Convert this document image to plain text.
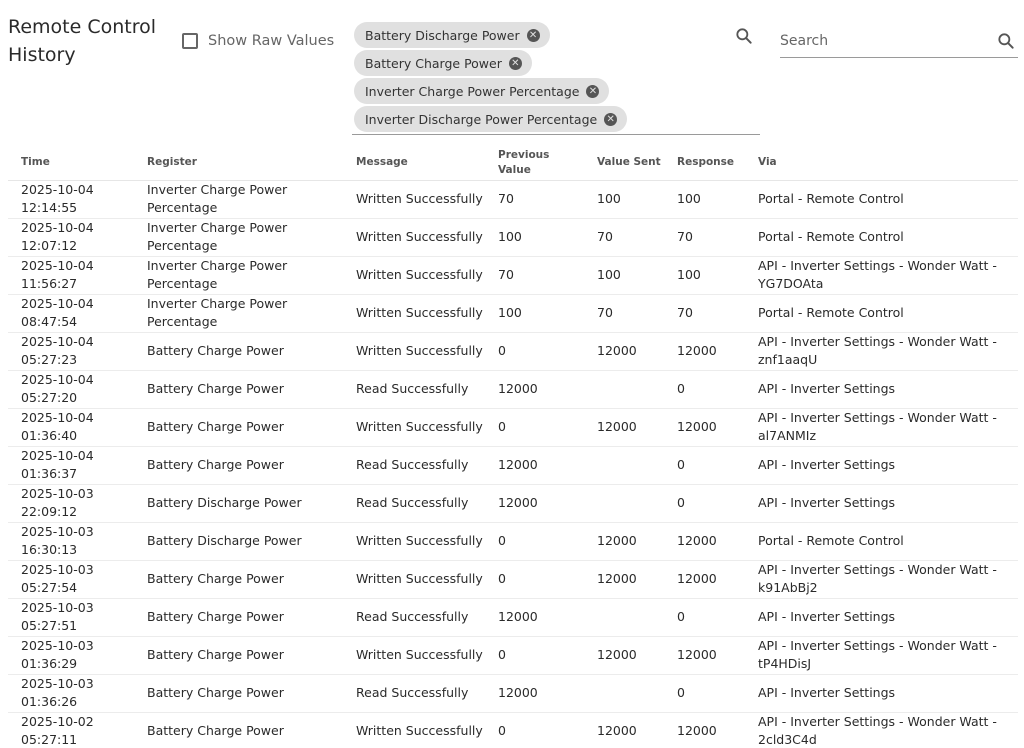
Remote Control History
Show Raw Values Battery Discharge Power ✕
Battery Charge Power ✕
Inverter Charge Power Percentage ✕
Inverter Discharge Power Percentage ✕
Search
Time	Register	Message	Previous Value	Value Sent	Response	Via
2025-10-04 12:14:55	Inverter Charge Power Percentage	Written Successfully	70	100	100	Portal - Remote Control
2025-10-04 12:07:12	Inverter Charge Power Percentage	Written Successfully	100	70	70	Portal - Remote Control
2025-10-04 11:56:27	Inverter Charge Power Percentage	Written Successfully	70	100	100	API - Inverter Settings - Wonder Watt - YG7DOAta
2025-10-04 08:47:54	Inverter Charge Power Percentage	Written Successfully	100	70	70	Portal - Remote Control
2025-10-04 05:27:23	Battery Charge Power	Written Successfully	0	12000	12000	API - Inverter Settings - Wonder Watt - znf1aaqU
2025-10-04 05:27:20	Battery Charge Power	Read Successfully	12000		0	API - Inverter Settings
2025-10-04 01:36:40	Battery Charge Power	Written Successfully	0	12000	12000	API - Inverter Settings - Wonder Watt - al7ANMIz
2025-10-04 01:36:37	Battery Charge Power	Read Successfully	12000		0	API - Inverter Settings
2025-10-03 22:09:12	Battery Discharge Power	Read Successfully	12000		0	API - Inverter Settings
2025-10-03 16:30:13	Battery Discharge Power	Written Successfully	0	12000	12000	Portal - Remote Control
2025-10-03 05:27:54	Battery Charge Power	Written Successfully	0	12000	12000	API - Inverter Settings - Wonder Watt - k91AbBj2
2025-10-03 05:27:51	Battery Charge Power	Read Successfully	12000		0	API - Inverter Settings
2025-10-03 01:36:29	Battery Charge Power	Written Successfully	0	12000	12000	API - Inverter Settings - Wonder Watt - tP4HDisJ
2025-10-03 01:36:26	Battery Charge Power	Read Successfully	12000		0	API - Inverter Settings
2025-10-02 05:27:11	Battery Charge Power	Written Successfully	0	12000	12000	API - Inverter Settings - Wonder Watt - 2cld3C4d
